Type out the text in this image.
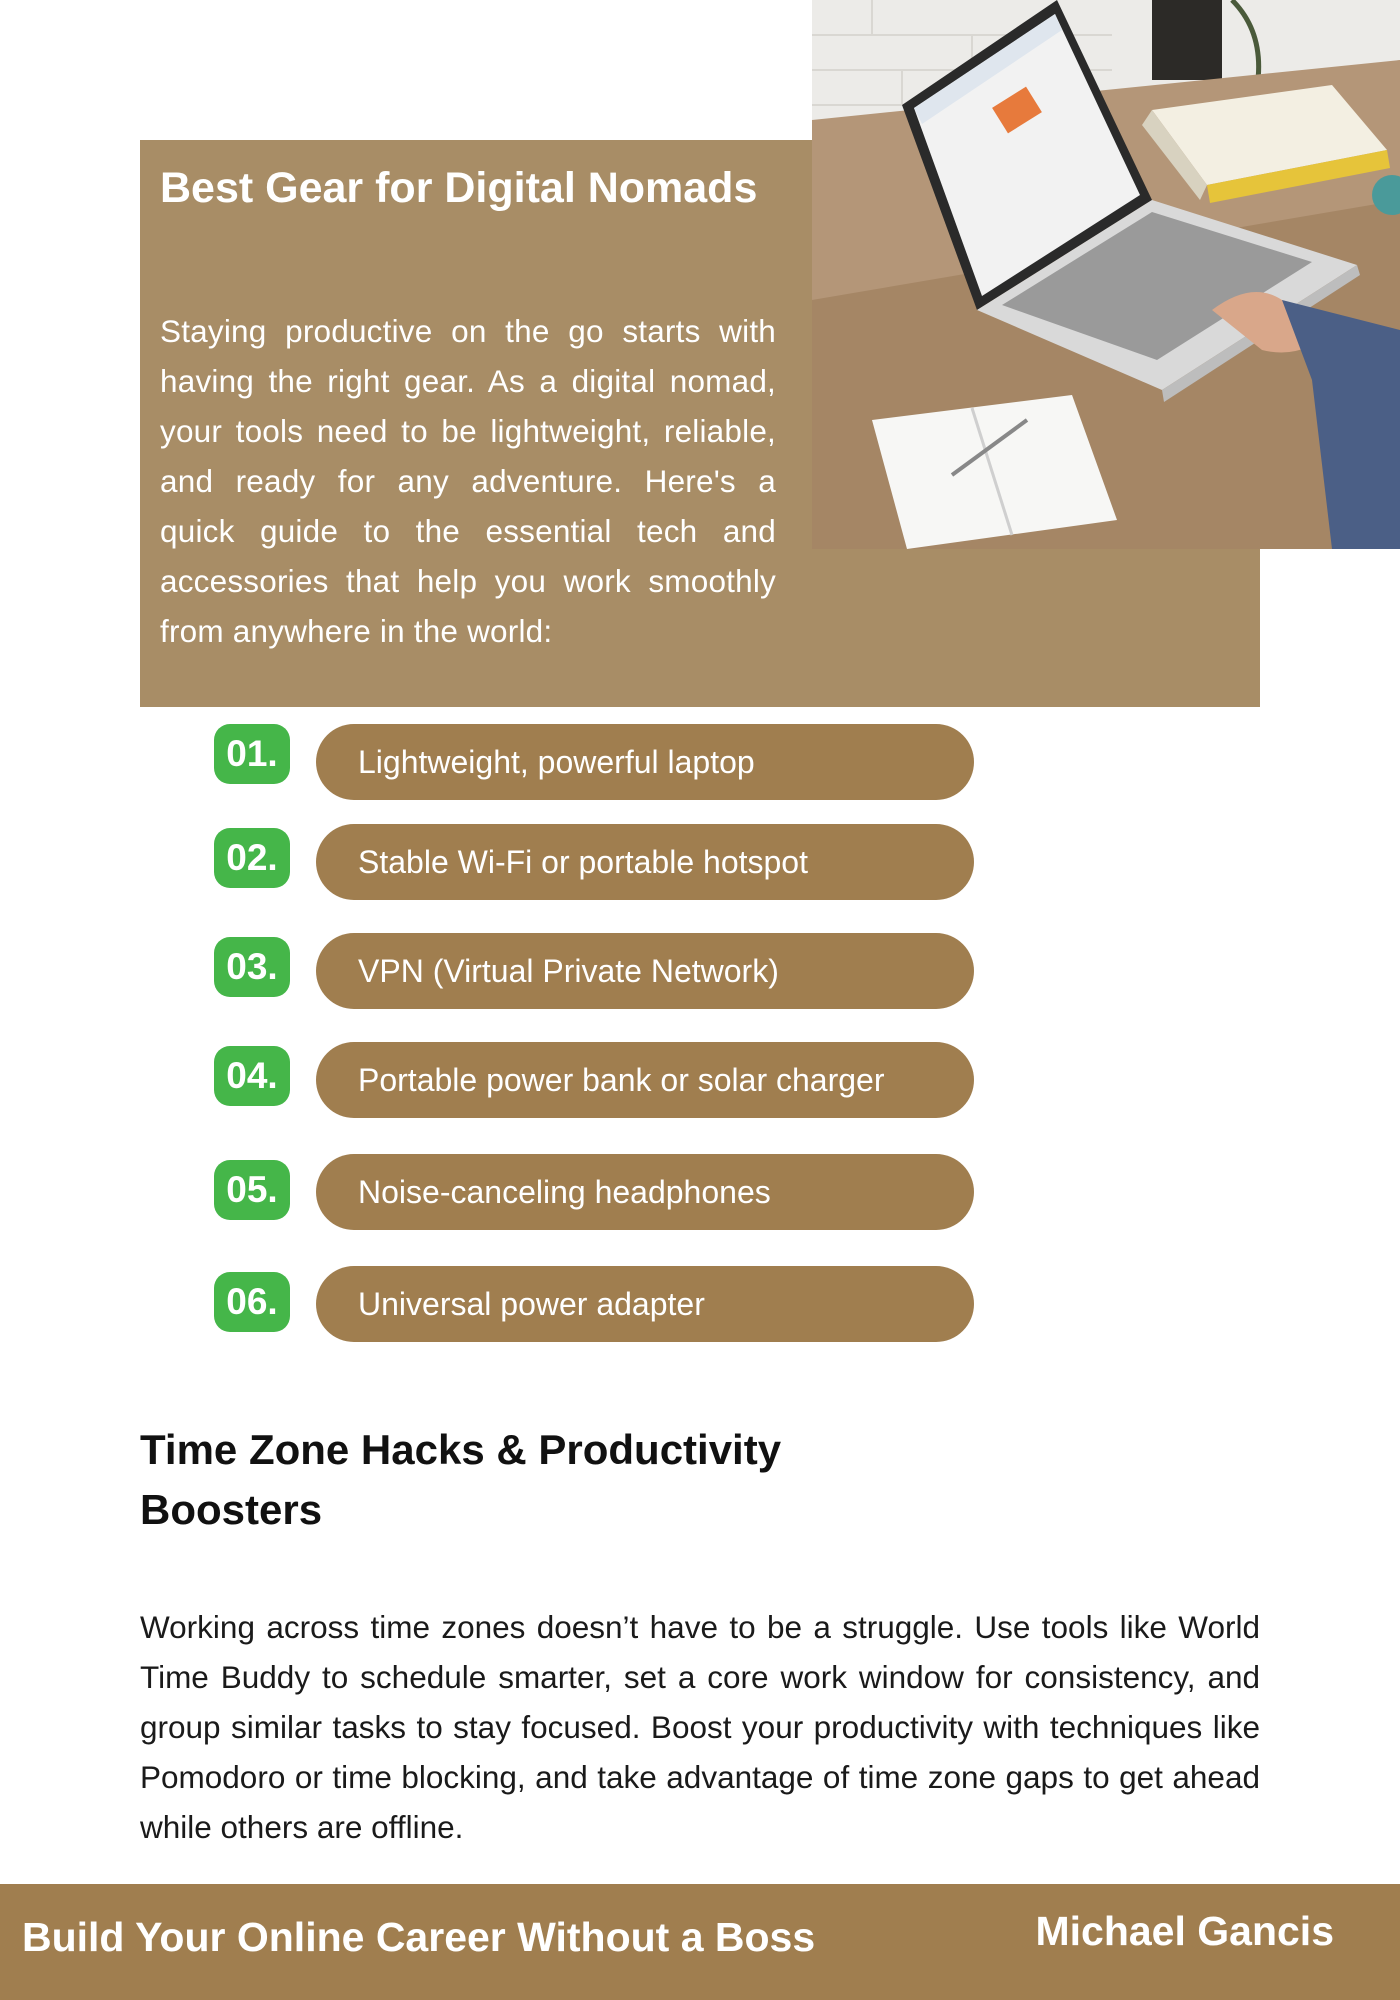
Best Gear for Digital Nomads
Staying productive on the go starts with having the right gear. As a digital nomad, your tools need to be lightweight, reliable, and ready for any adventure. Here's a quick guide to the essential tech and accessories that help you work smoothly from anywhere in the world:
01.	Lightweight, powerful laptop
02.	Stable Wi-Fi or portable hotspot
03.	VPN (Virtual Private Network)
04.	Portable power bank or solar charger
05.	Noise-canceling headphones
06.	Universal power adapter
Time Zone Hacks & Productivity Boosters
Working across time zones doesn’t have to be a struggle. Use tools like World Time Buddy to schedule smarter, set a core work window for consistency, and group similar tasks to stay focused. Boost your productivity with techniques like Pomodoro or time blocking, and take advantage of time zone gaps to get ahead while others are offline.
Build Your Online Career Without a Boss	Michael Gancis
